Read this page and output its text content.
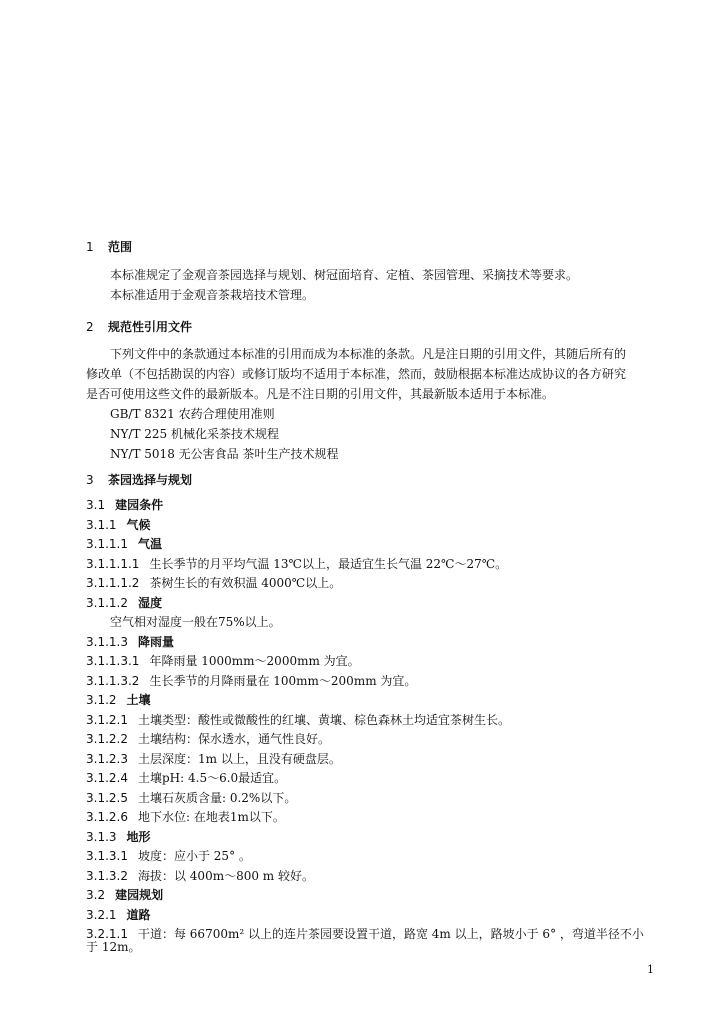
1 范围
本标准规定了金观音茶园选择与规划、树冠面培育、定植、茶园管理、采摘技术等要求。
本标准适用于金观音茶栽培技术管理。
2 规范性引用文件
下列文件中的条款通过本标准的引用而成为本标准的条款。凡是注日期的引用文件，其随后所有的
修改单（不包括勘误的内容）或修订版均不适用于本标准，然而，鼓励根据本标准达成协议的各方研究
是否可使用这些文件的最新版本。凡是不注日期的引用文件，其最新版本适用于本标准。
GB/T 8321 农药合理使用准则
NY/T 225 机械化采茶技术规程
NY/T 5018 无公害食品 茶叶生产技术规程
3 茶园选择与规划
3.1 建园条件
3.1.1 气候
3.1.1.1 气温
3.1.1.1.1 生长季节的月平均气温 13℃以上，最适宜生长气温 22℃～27℃。
3.1.1.1.2 茶树生长的有效积温 4000℃以上。
3.1.1.2 湿度
空气相对湿度一般在75%以上。
3.1.1.3 降雨量
3.1.1.3.1 年降雨量 1000mm～2000mm 为宜。
3.1.1.3.2 生长季节的月降雨量在 100mm～200mm 为宜。
3.1.2 土壤
3.1.2.1 土壤类型：酸性或微酸性的红壤、黄壤、棕色森林土均适宜茶树生长。
3.1.2.2 土壤结构：保水透水，通气性良好。
3.1.2.3 土层深度：1m 以上，且没有硬盘层。
3.1.2.4 土壤pH: 4.5～6.0最适宜。
3.1.2.5 土壤石灰质含量: 0.2%以下。
3.1.2.6 地下水位: 在地表1m以下。
3.1.3 地形
3.1.3.1 坡度：应小于 25° 。
3.1.3.2 海拔：以 400m～800 m 较好。
3.2 建园规划
3.2.1 道路
3.2.1.1 干道：每 66700m² 以上的连片茶园要设置干道，路宽 4m 以上，路坡小于 6° ，弯道半径不小
于 12m。
1
